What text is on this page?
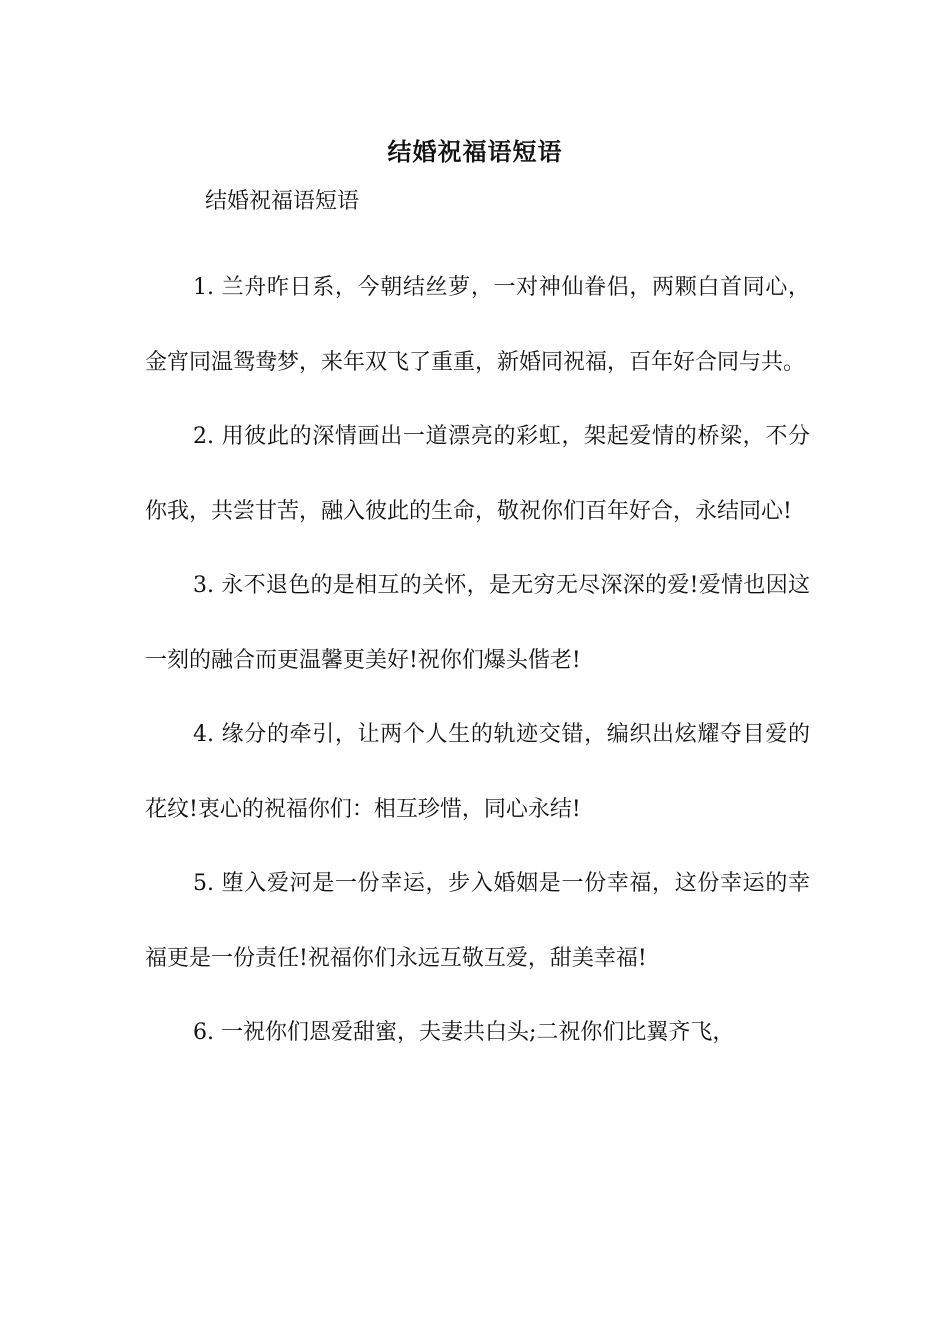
结婚祝福语短语
结婚祝福语短语

1. 兰舟昨日系，今朝结丝萝，一对神仙眷侣，两颗白首同心，金宵同温鸳鸯梦，来年双飞了重重，新婚同祝福，百年好合同与共。

2. 用彼此的深情画出一道漂亮的彩虹，架起爱情的桥梁，不分你我，共尝甘苦，融入彼此的生命，敬祝你们百年好合，永结同心!

3. 永不退色的是相互的关怀，是无穷无尽深深的爱!爱情也因这一刻的融合而更温馨更美好!祝你们爆头偕老!

4. 缘分的牵引，让两个人生的轨迹交错，编织出炫耀夺目爱的花纹!衷心的祝福你们：相互珍惜，同心永结!

5. 堕入爱河是一份幸运，步入婚姻是一份幸福，这份幸运的幸福更是一份责任!祝福你们永远互敬互爱，甜美幸福!

6. 一祝你们恩爱甜蜜，夫妻共白头;二祝你们比翼齐飞，
